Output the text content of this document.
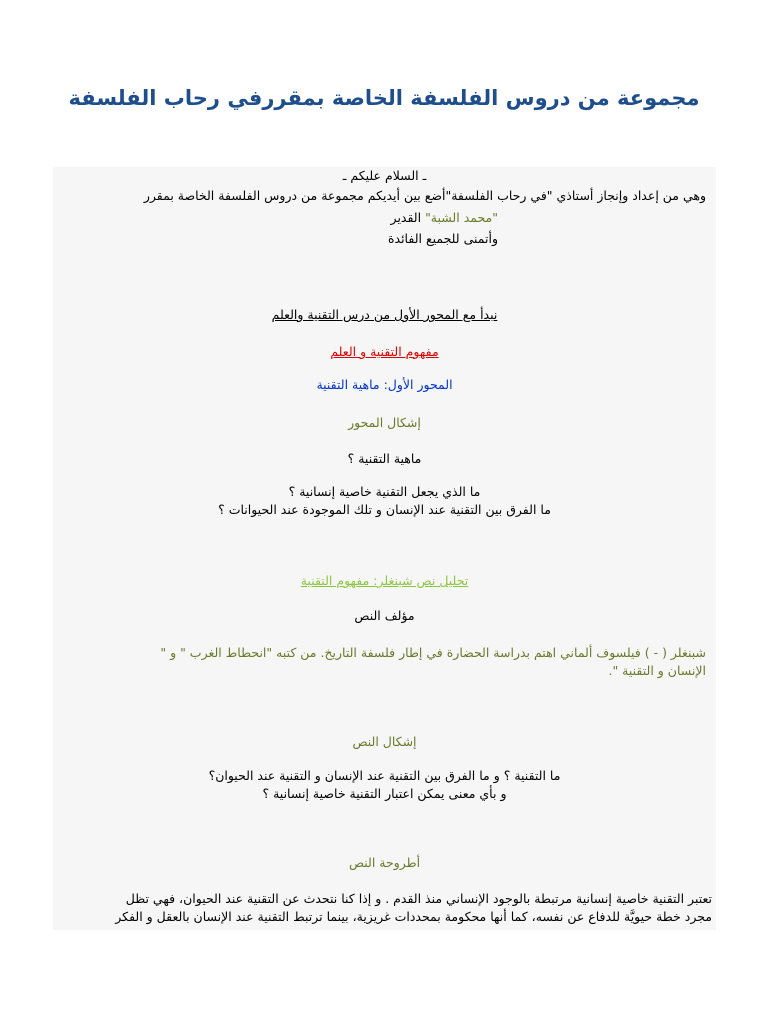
مجموعة من دروس الفلسفة الخاصة بمقررفي رحاب الفلسفة
ـ السلام عليكم ـ
وهي من إعداد وإنجاز أستاذي "في رحاب الفلسفة"أضع بين أيديكم مجموعة من دروس الفلسفة الخاصة بمقرر
"محمد الشبة" القدير
وأتمنى للجميع الفائدة
نبدأ مع المحور الأول من درس التقنية والعلم
مفهوم التقنية و العلم
المحور الأول: ماهية التقنية
إشكال المحور
ماهية التقنية ؟
ما الذي يجعل التقنية خاصية إنسانية ؟
ما الفرق بين التقنية عند الإنسان و تلك الموجودة عند الحيوانات ؟
تحليل نص شبنغلر: مفهوم التقنية
مؤلف النص
شبنغلر ( - ) فيلسوف ألماني اهتم بدراسة الحضارة في إطار فلسفة التاريخ. من كتبه "انحطاط الغرب " و "
الإنسان و التقنية ".
إشكال النص
ما التقنية ؟ و ما الفرق بين التقنية عند الإنسان و التقنية عند الحيوان؟
و بأي معنى يمكن اعتبار التقنية خاصية إنسانية ؟
أطروحة النص
تعتبر التقنية خاصية إنسانية مرتبطة بالوجود الإنساني منذ القدم . و إذا كنا نتحدث عن التقنية عند الحيوان، فهي تظل
مجرد خطة حيويَّة للدفاع عن نفسه، كما أنها محكومة بمحددات غريزية، بينما ترتبط التقنية عند الإنسان بالعقل و الفكر
